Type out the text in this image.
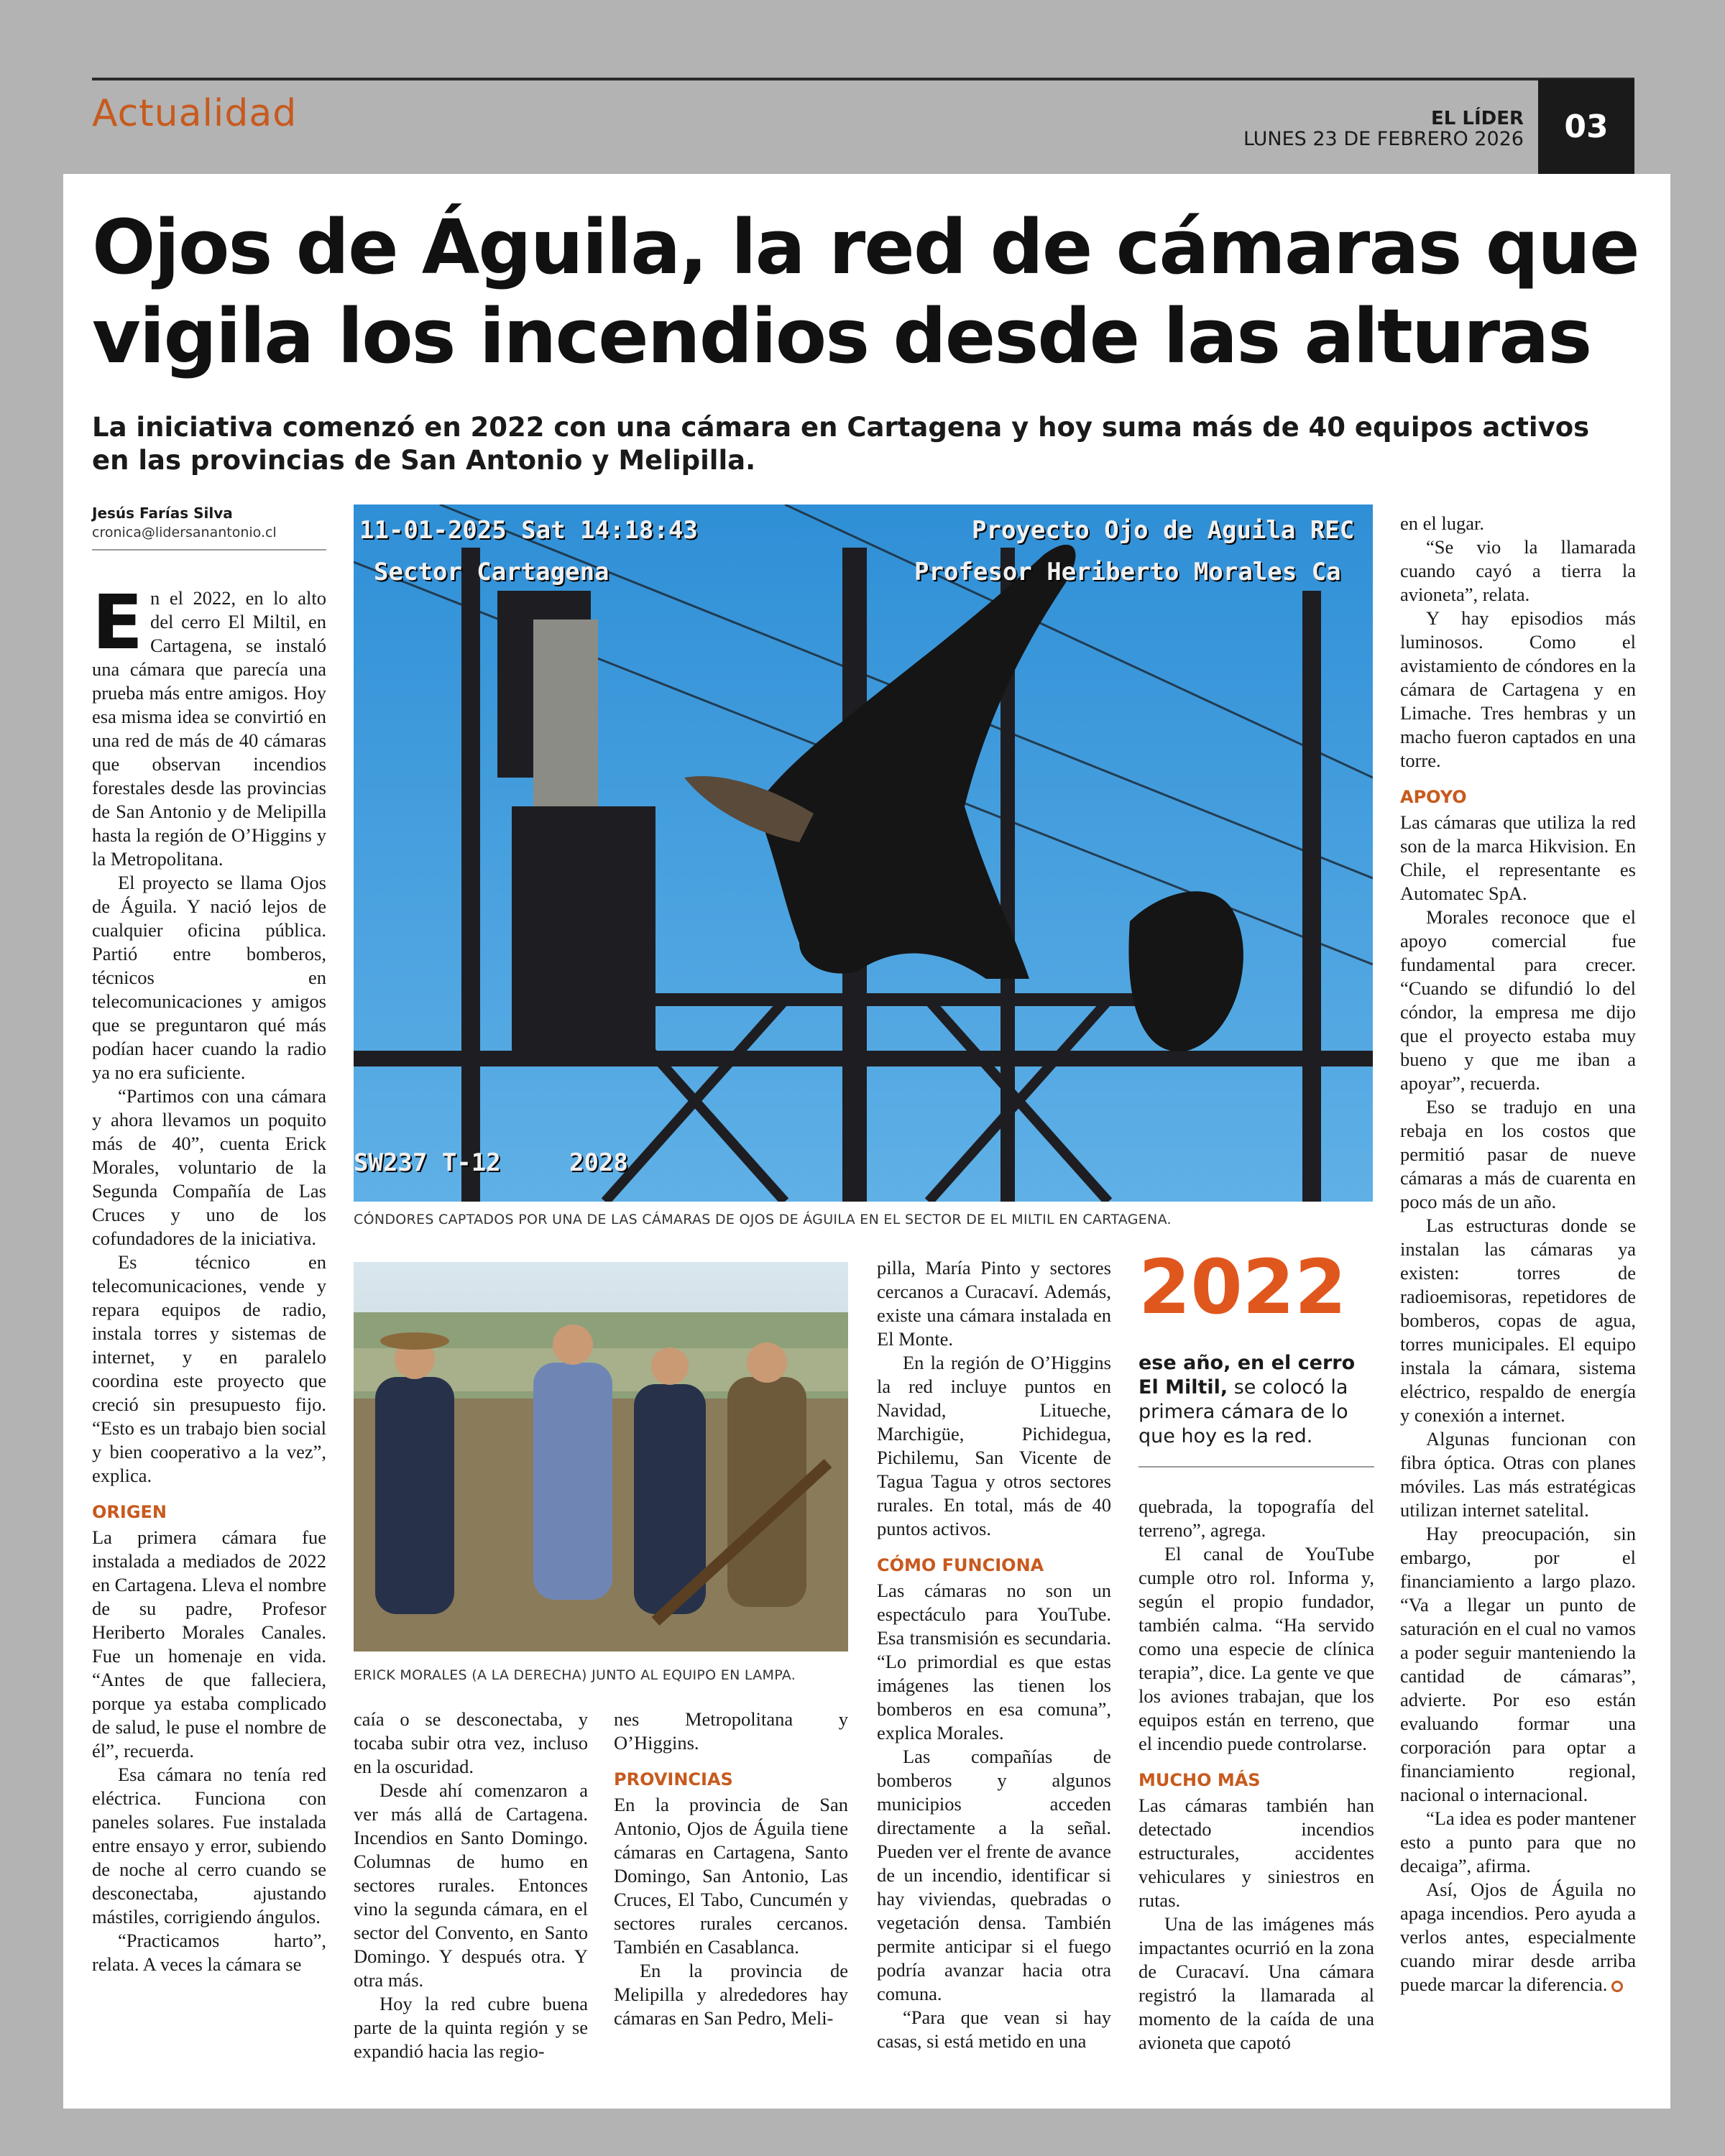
Actualidad	EL LÍDER
LUNES 23 DE FEBRERO 2026	03
Ojos de Águila, la red de cámaras que vigila los incendios desde las alturas

La iniciativa comenzó en 2022 con una cámara en Cartagena y hoy suma más de 40 equipos activos en las provincias de San Antonio y Melipilla.

Jesús Farías Silva
cronica@lidersanantonio.cl

En el 2022, en lo alto del cerro El Miltil, en Cartagena, se instaló una cámara que parecía una prueba más entre amigos. Hoy esa misma idea se convirtió en una red de más de 40 cámaras que observan incendios forestales desde las provincias de San Antonio y de Melipilla hasta la región de O’Higgins y la Metropolitana.

El proyecto se llama Ojos de Águila. Y nació lejos de cualquier oficina pública. Partió entre bomberos, técnicos en telecomunicaciones y amigos que se preguntaron qué más podían hacer cuando la radio ya no era suficiente.

“Partimos con una cámara y ahora llevamos un poquito más de 40”, cuenta Erick Morales, voluntario de la Segunda Compañía de Las Cruces y uno de los cofundadores de la iniciativa.

Es técnico en telecomunicaciones, vende y repara equipos de radio, instala torres y sistemas de internet, y en paralelo coordina este proyecto que creció sin presupuesto fijo. “Esto es un trabajo bien social y bien cooperativo a la vez”, explica.

ORIGEN

La primera cámara fue instalada a mediados de 2022 en Cartagena. Lleva el nombre de su padre, Profesor Heriberto Morales Canales. Fue un homenaje en vida. “Antes de que falleciera, porque ya estaba complicado de salud, le puse el nombre de él”, recuerda.

Esa cámara no tenía red eléctrica. Funciona con paneles solares. Fue instalada entre ensayo y error, subiendo de noche al cerro cuando se desconectaba, ajustando mástiles, corrigiendo ángulos.

“Practicamos harto”, relata. A veces la cámara se

11-01-2025 Sat 14:18:43
Sector Cartagena
Proyecto Ojo de Aguila REC
Profesor Heriberto Morales Ca
SW237 T-12	2028
CÓNDORES CAPTADOS POR UNA DE LAS CÁMARAS DE OJOS DE ÁGUILA EN EL SECTOR DE EL MILTIL EN CARTAGENA.
ERICK MORALES (A LA DERECHA) JUNTO AL EQUIPO EN LAMPA.

caía o se desconectaba, y tocaba subir otra vez, incluso en la oscuridad.

Desde ahí comenzaron a ver más allá de Cartagena. Incendios en Santo Domingo. Columnas de humo en sectores rurales. Entonces vino la segunda cámara, en el sector del Convento, en Santo Domingo. Y después otra. Y otra más.

Hoy la red cubre buena parte de la quinta región y se expandió hacia las regio-

nes Metropolitana y O’Higgins.

PROVINCIAS

En la provincia de San Antonio, Ojos de Águila tiene cámaras en Cartagena, Santo Domingo, San Antonio, Las Cruces, El Tabo, Cuncumén y sectores rurales cercanos. También en Casablanca.

En la provincia de Melipilla y alrededores hay cámaras en San Pedro, Meli-

pilla, María Pinto y sectores cercanos a Curacaví. Además, existe una cámara instalada en El Monte.

En la región de O’Higgins la red incluye puntos en Navidad, Litueche, Marchigüe, Pichidegua, Pichilemu, San Vicente de Tagua Tagua y otros sectores rurales. En total, más de 40 puntos activos.

CÓMO FUNCIONA

Las cámaras no son un espectáculo para YouTube. Esa transmisión es secundaria. “Lo primordial es que estas imágenes las tienen los bomberos en esa comuna”, explica Morales.

Las compañías de bomberos y algunos municipios acceden directamente a la señal. Pueden ver el frente de avance de un incendio, identificar si hay viviendas, quebradas o vegetación densa. También permite anticipar si el fuego podría avanzar hacia otra comuna.

“Para que vean si hay casas, si está metido en una

2022
ese año, en el cerro El Miltil, se colocó la primera cámara de lo que hoy es la red.

quebrada, la topografía del terreno”, agrega.

El canal de YouTube cumple otro rol. Informa y, según el propio fundador, también calma. “Ha servido como una especie de clínica terapia”, dice. La gente ve que los aviones trabajan, que los equipos están en terreno, que el incendio puede controlarse.

MUCHO MÁS

Las cámaras también han detectado incendios estructurales, accidentes vehiculares y siniestros en rutas.

Una de las imágenes más impactantes ocurrió en la zona de Curacaví. Una cámara registró la llamarada al momento de la caída de una avioneta que capotó

en el lugar.

“Se vio la llamarada cuando cayó a tierra la avioneta”, relata.

Y hay episodios más luminosos. Como el avistamiento de cóndores en la cámara de Cartagena y en Limache. Tres hembras y un macho fueron captados en una torre.

APOYO

Las cámaras que utiliza la red son de la marca Hikvision. En Chile, el representante es Automatec SpA.

Morales reconoce que el apoyo comercial fue fundamental para crecer. “Cuando se difundió lo del cóndor, la empresa me dijo que el proyecto estaba muy bueno y que me iban a apoyar”, recuerda.

Eso se tradujo en una rebaja en los costos que permitió pasar de nueve cámaras a más de cuarenta en poco más de un año.

Las estructuras donde se instalan las cámaras ya existen: torres de radioemisoras, repetidores de bomberos, copas de agua, torres municipales. El equipo instala la cámara, sistema eléctrico, respaldo de energía y conexión a internet.

Algunas funcionan con fibra óptica. Otras con planes móviles. Las más estratégicas utilizan internet satelital.

Hay preocupación, sin embargo, por el financiamiento a largo plazo. “Va a llegar un punto de saturación en el cual no vamos a poder seguir manteniendo la cantidad de cámaras”, advierte. Por eso están evaluando formar una corporación para optar a financiamiento regional, nacional o internacional.

“La idea es poder mantener esto a punto para que no decaiga”, afirma.

Así, Ojos de Águila no apaga incendios. Pero ayuda a verlos antes, especialmente cuando mirar desde arriba puede marcar la diferencia.
